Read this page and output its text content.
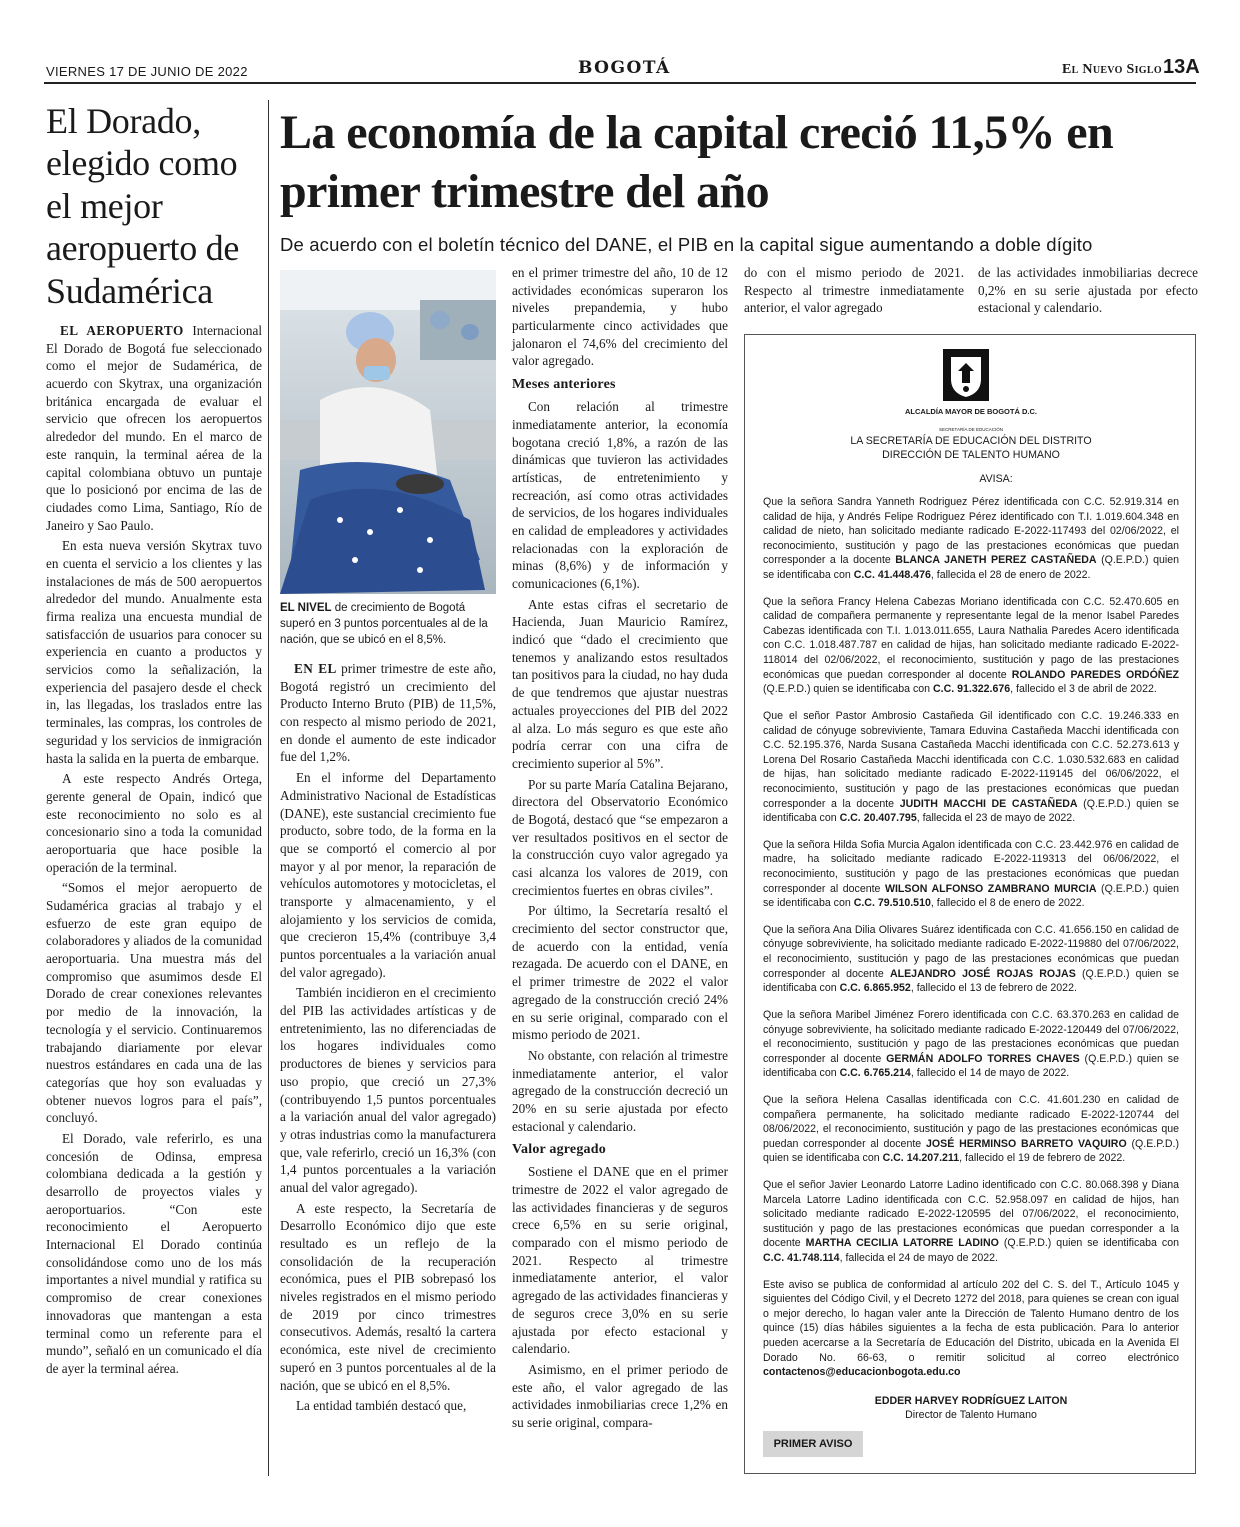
VIERNES 17 DE JUNIO DE 2022	BOGOTÁ	El Nuevo Siglo 13A
El Dorado, elegido como el mejor aeropuerto de Sudamérica

EL AEROPUERTO Internacional El Dorado de Bogotá fue seleccionado como el mejor de Sudamérica, de acuerdo con Skytrax, una organización británica encargada de evaluar el servicio que ofrecen los aeropuertos alrededor del mundo. En el marco de este ranquin, la terminal aérea de la capital colombiana obtuvo un puntaje que lo posicionó por encima de las de ciudades como Lima, Santiago, Río de Janeiro y Sao Paulo.

En esta nueva versión Skytrax tuvo en cuenta el servicio a los clientes y las instalaciones de más de 500 aeropuertos alrededor del mundo. Anualmente esta firma realiza una encuesta mundial de satisfacción de usuarios para conocer su experiencia en cuanto a productos y servicios como la señalización, la experiencia del pasajero desde el check in, las llegadas, los traslados entre las terminales, las compras, los controles de seguridad y los servicios de inmigración hasta la salida en la puerta de embarque.

A este respecto Andrés Ortega, gerente general de Opain, indicó que este reconocimiento no solo es al concesionario sino a toda la comunidad aeroportuaria que hace posible la operación de la terminal.

“Somos el mejor aeropuerto de Sudamérica gracias al trabajo y el esfuerzo de este gran equipo de colaboradores y aliados de la comunidad aeroportuaria. Una muestra más del compromiso que asumimos desde El Dorado de crear conexiones relevantes por medio de la innovación, la tecnología y el servicio. Continuaremos trabajando diariamente por elevar nuestros estándares en cada una de las categorías que hoy son evaluadas y obtener nuevos logros para el país”, concluyó.

El Dorado, vale referirlo, es una concesión de Odinsa, empresa colombiana dedicada a la gestión y desarrollo de proyectos viales y aeroportuarios. “Con este reconocimiento el Aeropuerto Internacional El Dorado continúa consolidándose como uno de los más importantes a nivel mundial y ratifica su compromiso de crear conexiones innovadoras que mantengan a esta terminal como un referente para el mundo”, señaló en un comunicado el día de ayer la terminal aérea.

La economía de la capital creció 11,5% en primer trimestre del año
De acuerdo con el boletín técnico del DANE, el PIB en la capital sigue aumentando a doble dígito
EL NIVEL de crecimiento de Bogotá superó en 3 puntos porcentuales al de la nación, que se ubicó en el 8,5%.

EN EL primer trimestre de este año, Bogotá registró un crecimiento del Producto Interno Bruto (PIB) de 11,5%, con respecto al mismo periodo de 2021, en donde el aumento de este indicador fue del 1,2%.

En el informe del Departamento Administrativo Nacional de Estadísticas (DANE), este sustancial crecimiento fue producto, sobre todo, de la forma en la que se comportó el comercio al por mayor y al por menor, la reparación de vehículos automotores y motocicletas, el transporte y almacenamiento, y el alojamiento y los servicios de comida, que crecieron 15,4% (contribuye 3,4 puntos porcentuales a la variación anual del valor agregado).

También incidieron en el crecimiento del PIB las actividades artísticas y de entretenimiento, las no diferenciadas de los hogares individuales como productores de bienes y servicios para uso propio, que creció un 27,3% (contribuyendo 1,5 puntos porcentuales a la variación anual del valor agregado) y otras industrias como la manufacturera que, vale referirlo, creció un 16,3% (con 1,4 puntos porcentuales a la variación anual del valor agregado).

A este respecto, la Secretaría de Desarrollo Económico dijo que este resultado es un reflejo de la consolidación de la recuperación económica, pues el PIB sobrepasó los niveles registrados en el mismo periodo de 2019 por cinco trimestres consecutivos. Además, resaltó la cartera económica, este nivel de crecimiento superó en 3 puntos porcentuales al de la nación, que se ubicó en el 8,5%.

La entidad también destacó que,

en el primer trimestre del año, 10 de 12 actividades económicas superaron los niveles prepandemia, y hubo particularmente cinco actividades que jalonaron el 74,6% del crecimiento del valor agregado.

Meses anteriores

Con relación al trimestre inmediatamente anterior, la economía bogotana creció 1,8%, a razón de las dinámicas que tuvieron las actividades artísticas, de entretenimiento y recreación, así como otras actividades de servicios, de los hogares individuales en calidad de empleadores y actividades relacionadas con la exploración de minas (8,6%) y de información y comunicaciones (6,1%).

Ante estas cifras el secretario de Hacienda, Juan Mauricio Ramírez, indicó que “dado el crecimiento que tenemos y analizando estos resultados tan positivos para la ciudad, no hay duda de que tendremos que ajustar nuestras actuales proyecciones del PIB del 2022 al alza. Lo más seguro es que este año podría cerrar con una cifra de crecimiento superior al 5%”.

Por su parte María Catalina Bejarano, directora del Observatorio Económico de Bogotá, destacó que “se empezaron a ver resultados positivos en el sector de la construcción cuyo valor agregado ya casi alcanza los valores de 2019, con crecimientos fuertes en obras civiles”.

Por último, la Secretaría resaltó el crecimiento del sector constructor que, de acuerdo con la entidad, venía rezagada. De acuerdo con el DANE, en el primer trimestre de 2022 el valor agregado de la construcción creció 24% en su serie original, comparado con el mismo periodo de 2021.

No obstante, con relación al trimestre inmediatamente anterior, el valor agregado de la construcción decreció un 20% en su serie ajustada por efecto estacional y calendario.

Valor agregado

Sostiene el DANE que en el primer trimestre de 2022 el valor agregado de las actividades financieras y de seguros crece 6,5% en su serie original, comparado con el mismo periodo de 2021. Respecto al trimestre inmediatamente anterior, el valor agregado de las actividades financieras y de seguros crece 3,0% en su serie ajustada por efecto estacional y calendario.

Asimismo, en el primer periodo de este año, el valor agregado de las actividades inmobiliarias crece 1,2% en su serie original, compara-

do con el mismo periodo de 2021. Respecto al trimestre inmediatamente anterior, el valor agregado

de las actividades inmobiliarias decrece 0,2% en su serie ajustada por efecto estacional y calendario.

ALCALDÍA MAYOR DE BOGOTÁ D.C.
SECRETARÍA DE EDUCACIÓN
LA SECRETARÍA DE EDUCACIÓN DEL DISTRITO
DIRECCIÓN DE TALENTO HUMANO
AVISA:

Que la señora Sandra Yanneth Rodriguez Pérez identificada con C.C. 52.919.314 en calidad de hija, y Andrés Felipe Rodriguez Pérez identificado con T.I. 1.019.604.348 en calidad de nieto, han solicitado mediante radicado E-2022-117493 del 02/06/2022, el reconocimiento, sustitución y pago de las prestaciones económicas que puedan corresponder a la docente BLANCA JANETH PEREZ CASTAÑEDA (Q.E.P.D.) quien se identificaba con C.C. 41.448.476, fallecida el 28 de enero de 2022.

Que la señora Francy Helena Cabezas Moriano identificada con C.C. 52.470.605 en calidad de compañera permanente y representante legal de la menor Isabel Paredes Cabezas identificada con T.I. 1.013.011.655, Laura Nathalia Paredes Acero identificada con C.C. 1.018.487.787 en calidad de hijas, han solicitado mediante radicado E-2022-118014 del 02/06/2022, el reconocimiento, sustitución y pago de las prestaciones económicas que puedan corresponder al docente ROLANDO PAREDES ORDÓÑEZ (Q.E.P.D.) quien se identificaba con C.C. 91.322.676, fallecido el 3 de abril de 2022.

Que el señor Pastor Ambrosio Castañeda Gil identificado con C.C. 19.246.333 en calidad de cónyuge sobreviviente, Tamara Eduvina Castañeda Macchi identificada con C.C. 52.195.376, Narda Susana Castañeda Macchi identificada con C.C. 52.273.613 y Lorena Del Rosario Castañeda Macchi identificada con C.C. 1.030.532.683 en calidad de hijas, han solicitado mediante radicado E-2022-119145 del 06/06/2022, el reconocimiento, sustitución y pago de las prestaciones económicas que puedan corresponder a la docente JUDITH MACCHI DE CASTAÑEDA (Q.E.P.D.) quien se identificaba con C.C. 20.407.795, fallecida el 23 de mayo de 2022.

Que la señora Hilda Sofia Murcia Agalon identificada con C.C. 23.442.976 en calidad de madre, ha solicitado mediante radicado E-2022-119313 del 06/06/2022, el reconocimiento, sustitución y pago de las prestaciones económicas que puedan corresponder al docente WILSON ALFONSO ZAMBRANO MURCIA (Q.E.P.D.) quien se identificaba con C.C. 79.510.510, fallecido el 8 de enero de 2022.

Que la señora Ana Dilia Olivares Suárez identificada con C.C. 41.656.150 en calidad de cónyuge sobreviviente, ha solicitado mediante radicado E-2022-119880 del 07/06/2022, el reconocimiento, sustitución y pago de las prestaciones económicas que puedan corresponder al docente ALEJANDRO JOSÉ ROJAS ROJAS (Q.E.P.D.) quien se identificaba con C.C. 6.865.952, fallecido el 13 de febrero de 2022.

Que la señora Maribel Jiménez Forero identificada con C.C. 63.370.263 en calidad de cónyuge sobreviviente, ha solicitado mediante radicado E-2022-120449 del 07/06/2022, el reconocimiento, sustitución y pago de las prestaciones económicas que puedan corresponder al docente GERMÁN ADOLFO TORRES CHAVES (Q.E.P.D.) quien se identificaba con C.C. 6.765.214, fallecido el 14 de mayo de 2022.

Que la señora Helena Casallas identificada con C.C. 41.601.230 en calidad de compañera permanente, ha solicitado mediante radicado E-2022-120744 del 08/06/2022, el reconocimiento, sustitución y pago de las prestaciones económicas que puedan corresponder al docente JOSÉ HERMINSO BARRETO VAQUIRO (Q.E.P.D.) quien se identificaba con C.C. 14.207.211, fallecido el 19 de febrero de 2022.

Que el señor Javier Leonardo Latorre Ladino identificado con C.C. 80.068.398 y Diana Marcela Latorre Ladino identificada con C.C. 52.958.097 en calidad de hijos, han solicitado mediante radicado E-2022-120595 del 07/06/2022, el reconocimiento, sustitución y pago de las prestaciones económicas que puedan corresponder a la docente MARTHA CECILIA LATORRE LADINO (Q.E.P.D.) quien se identificaba con C.C. 41.748.114, fallecida el 24 de mayo de 2022.

Este aviso se publica de conformidad al artículo 202 del C. S. del T., Artículo 1045 y siguientes del Código Civil, y el Decreto 1272 del 2018, para quienes se crean con igual o mejor derecho, lo hagan valer ante la Dirección de Talento Humano dentro de los quince (15) días hábiles siguientes a la fecha de esta publicación. Para lo anterior pueden acercarse a la Secretaría de Educación del Distrito, ubicada en la Avenida El Dorado No. 66-63, o remitir solicitud al correo electrónico contactenos@educacionbogota.edu.co

EDDER HARVEY RODRÍGUEZ LAITON
Director de Talento Humano
PRIMER AVISO
